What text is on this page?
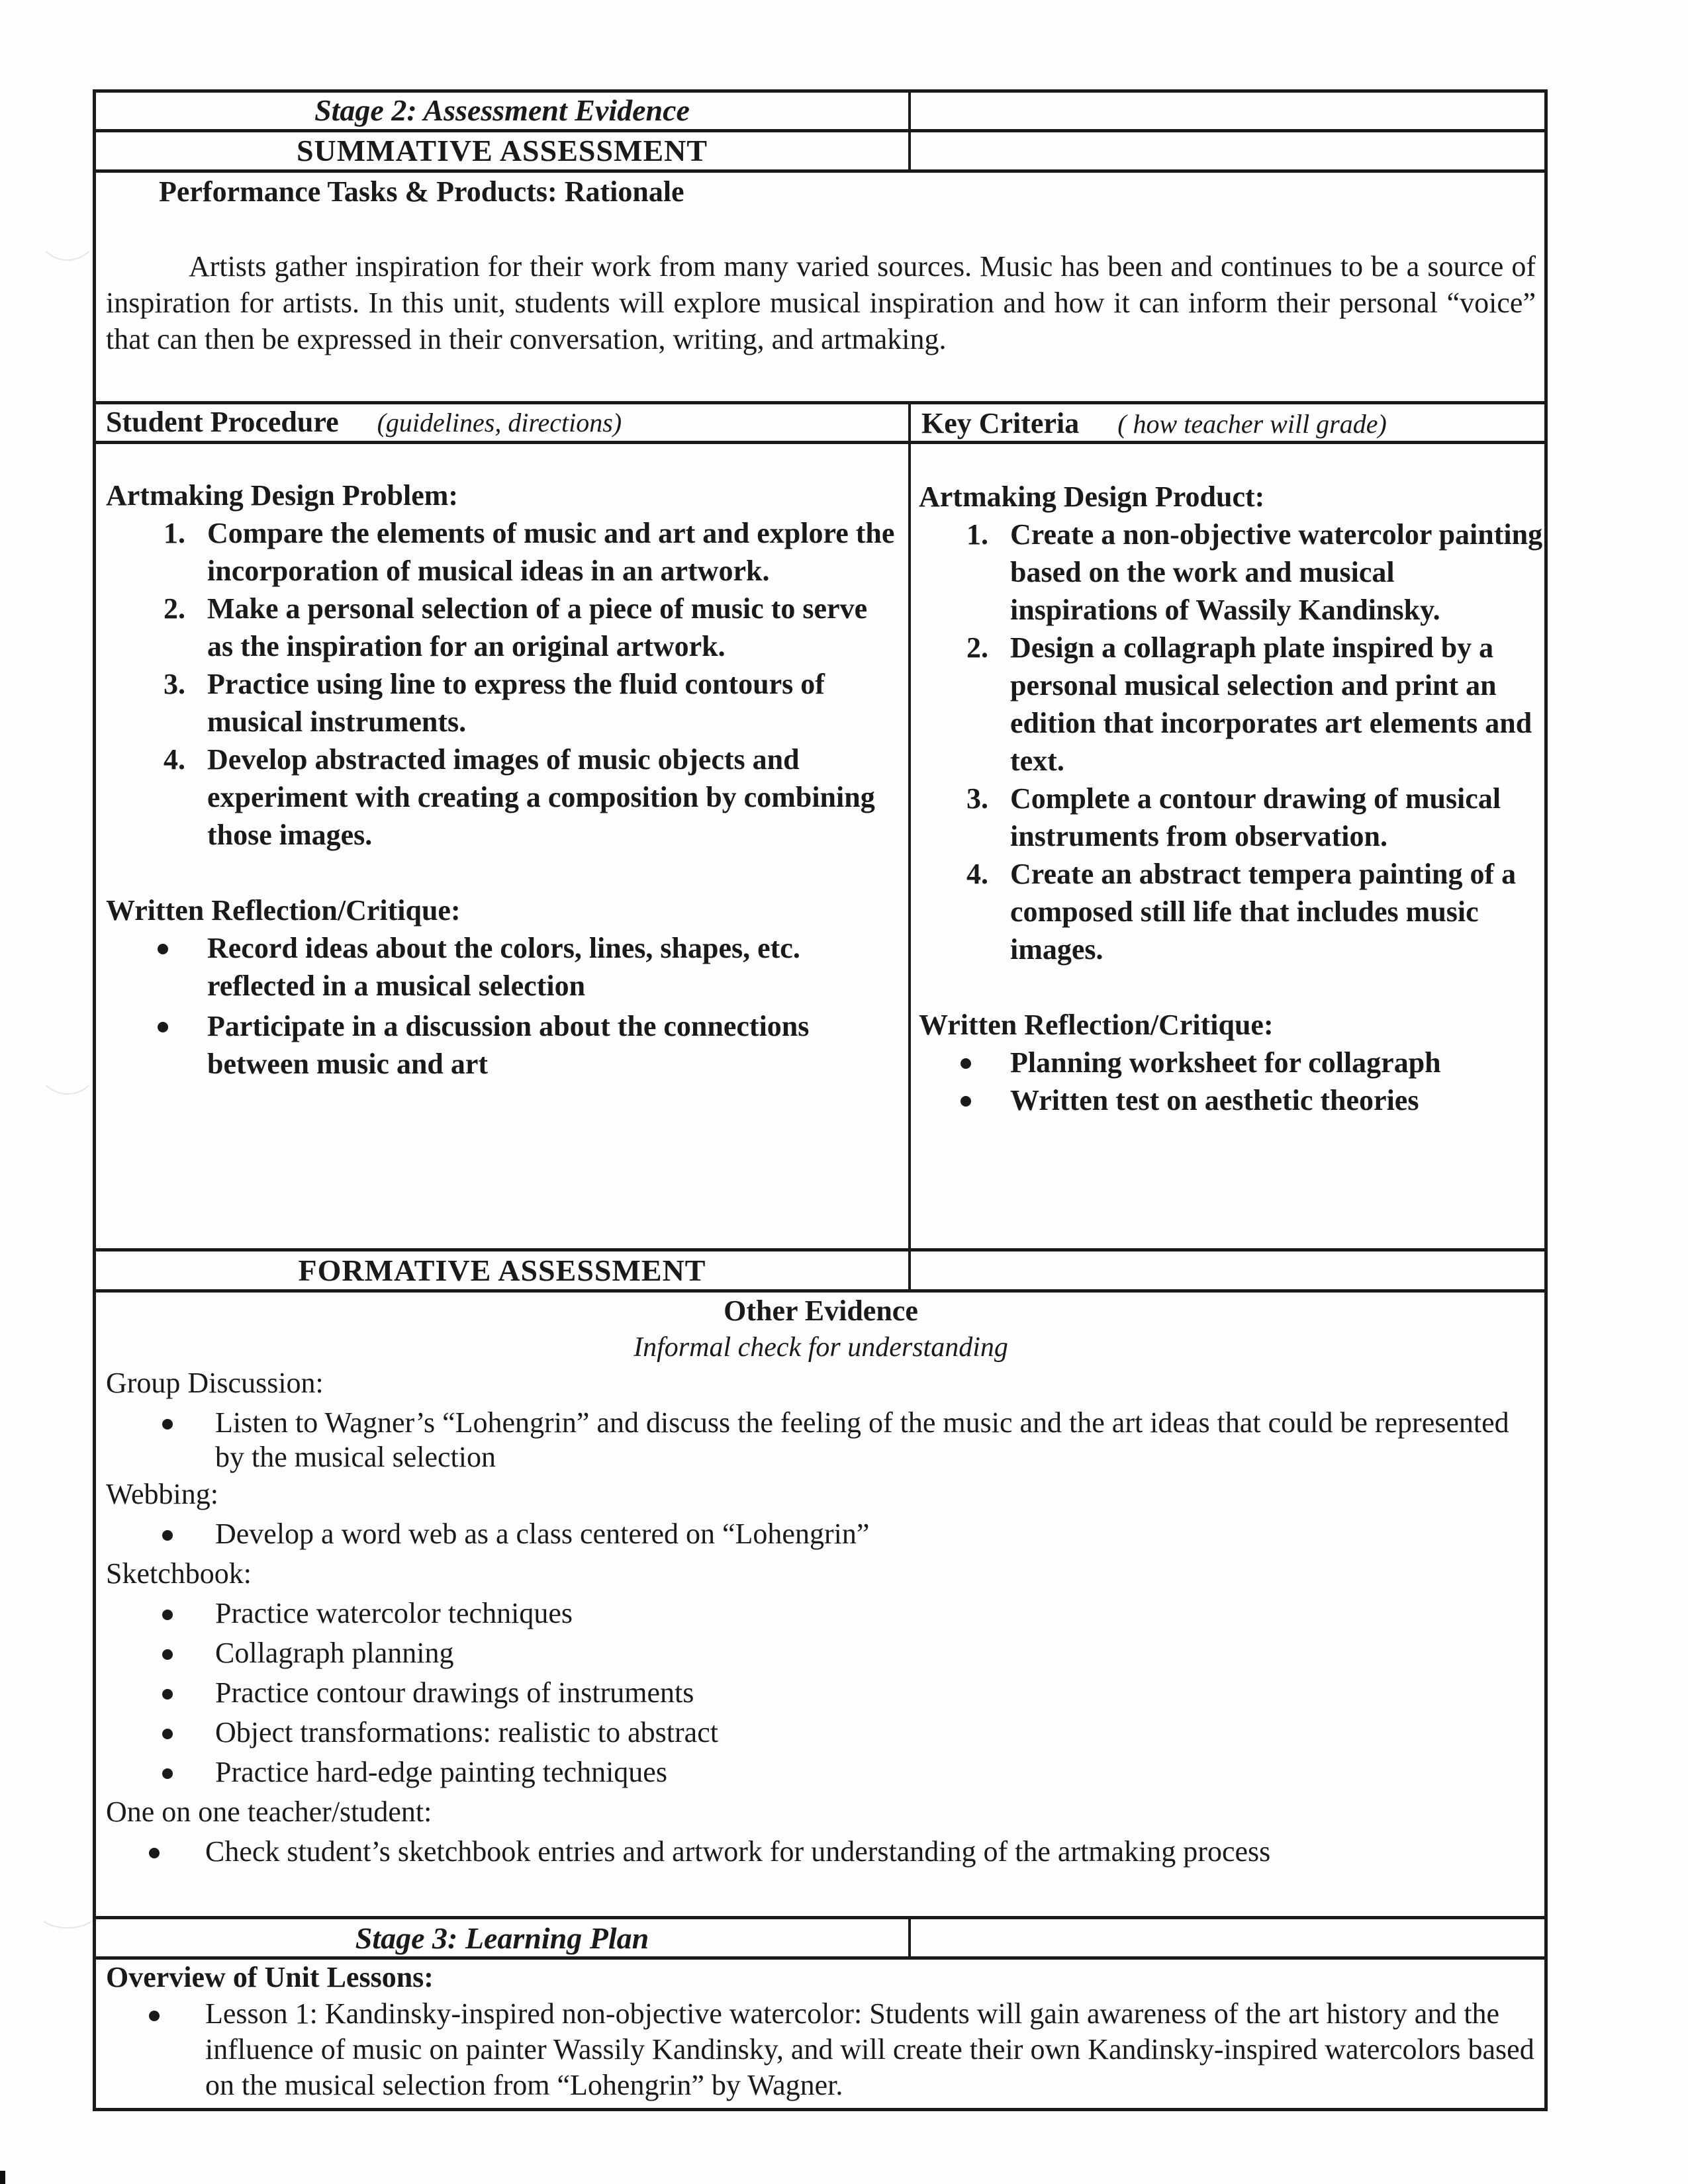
Stage 2: Assessment Evidence
SUMMATIVE ASSESSMENT
Performance Tasks & Products: Rationale
Artists gather inspiration for their work from many varied sources. Music has been and continues to be a source of inspiration for artists. In this unit, students will explore musical inspiration and how it can inform their personal “voice” that can then be expressed in their conversation, writing, and artmaking.
Student Procedure (guidelines, directions)	Key Criteria ( how teacher will grade)
Artmaking Design Problem:
1. Compare the elements of music and art and explore the incorporation of musical ideas in an artwork.
2. Make a personal selection of a piece of music to serve as the inspiration for an original artwork.
3. Practice using line to express the fluid contours of musical instruments.
4. Develop abstracted images of music objects and experiment with creating a composition by combining those images.
Written Reflection/Critique:
Record ideas about the colors, lines, shapes, etc. reflected in a musical selection
Participate in a discussion about the connections between music and art
Artmaking Design Product:
1. Create a non-objective watercolor painting based on the work and musical inspirations of Wassily Kandinsky.
2. Design a collagraph plate inspired by a personal musical selection and print an edition that incorporates art elements and text.
3. Complete a contour drawing of musical instruments from observation.
4. Create an abstract tempera painting of a composed still life that includes music images.
Written Reflection/Critique:
Planning worksheet for collagraph
Written test on aesthetic theories
FORMATIVE ASSESSMENT
Other Evidence
Informal check for understanding
Group Discussion:
Listen to Wagner’s “Lohengrin” and discuss the feeling of the music and the art ideas that could be represented by the musical selection
Webbing:
Develop a word web as a class centered on “Lohengrin”
Sketchbook:
Practice watercolor techniques
Collagraph planning
Practice contour drawings of instruments
Object transformations: realistic to abstract
Practice hard-edge painting techniques
One on one teacher/student:
Check student’s sketchbook entries and artwork for understanding of the artmaking process
Stage 3: Learning Plan
Overview of Unit Lessons:
Lesson 1: Kandinsky-inspired non-objective watercolor: Students will gain awareness of the art history and the influence of music on painter Wassily Kandinsky, and will create their own Kandinsky-inspired watercolors based on the musical selection from “Lohengrin” by Wagner.
